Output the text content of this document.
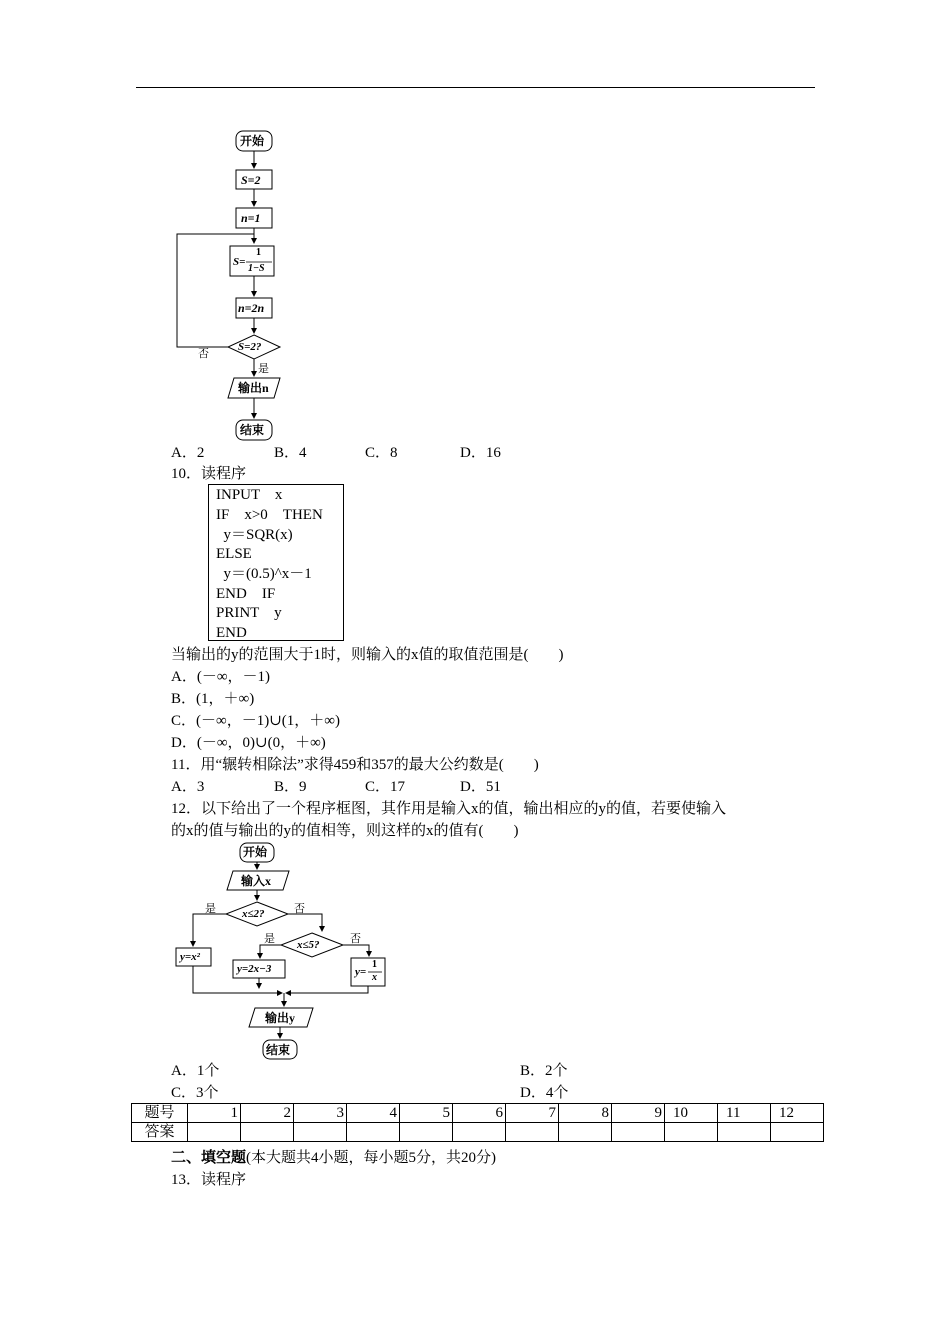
开始
S=2
n=1
S=
1
1−S
n=2n
S=2?
否
是
输出n
结束
A．2	B．4	C．8	D．16
10．读程序
INPUT　x
IF　x>0　THEN
y＝SQR(x)
ELSE
y＝(0.5)^x－1
END　IF
PRINT　y
END
当输出的y的范围大于1时，则输入的x值的取值范围是(　　)
A．(－∞，－1)
B．(1，＋∞)
C．(－∞，－1)∪(1，＋∞)
D．(－∞，0)∪(0，＋∞)
11．用“辗转相除法”求得459和357的最大公约数是(　　)
A．3	B．9	C．17	D．51
12．以下给出了一个程序框图，其作用是输入x的值，输出相应的y的值，若要使输入
的x的值与输出的y的值相等，则这样的x的值有(　　)
开始
输入x
x≤2?
是	否
x≤5?
是	否
y=x²
y=2x−3	y=
1
x
输出y
结束
A．1个	B．2个
C．3个	D．4个
题号	1	2	3	4	5	6	7	8	9	10	11	12
答案												
二、填空题(本大题共4小题，每小题5分，共20分)
13．读程序
